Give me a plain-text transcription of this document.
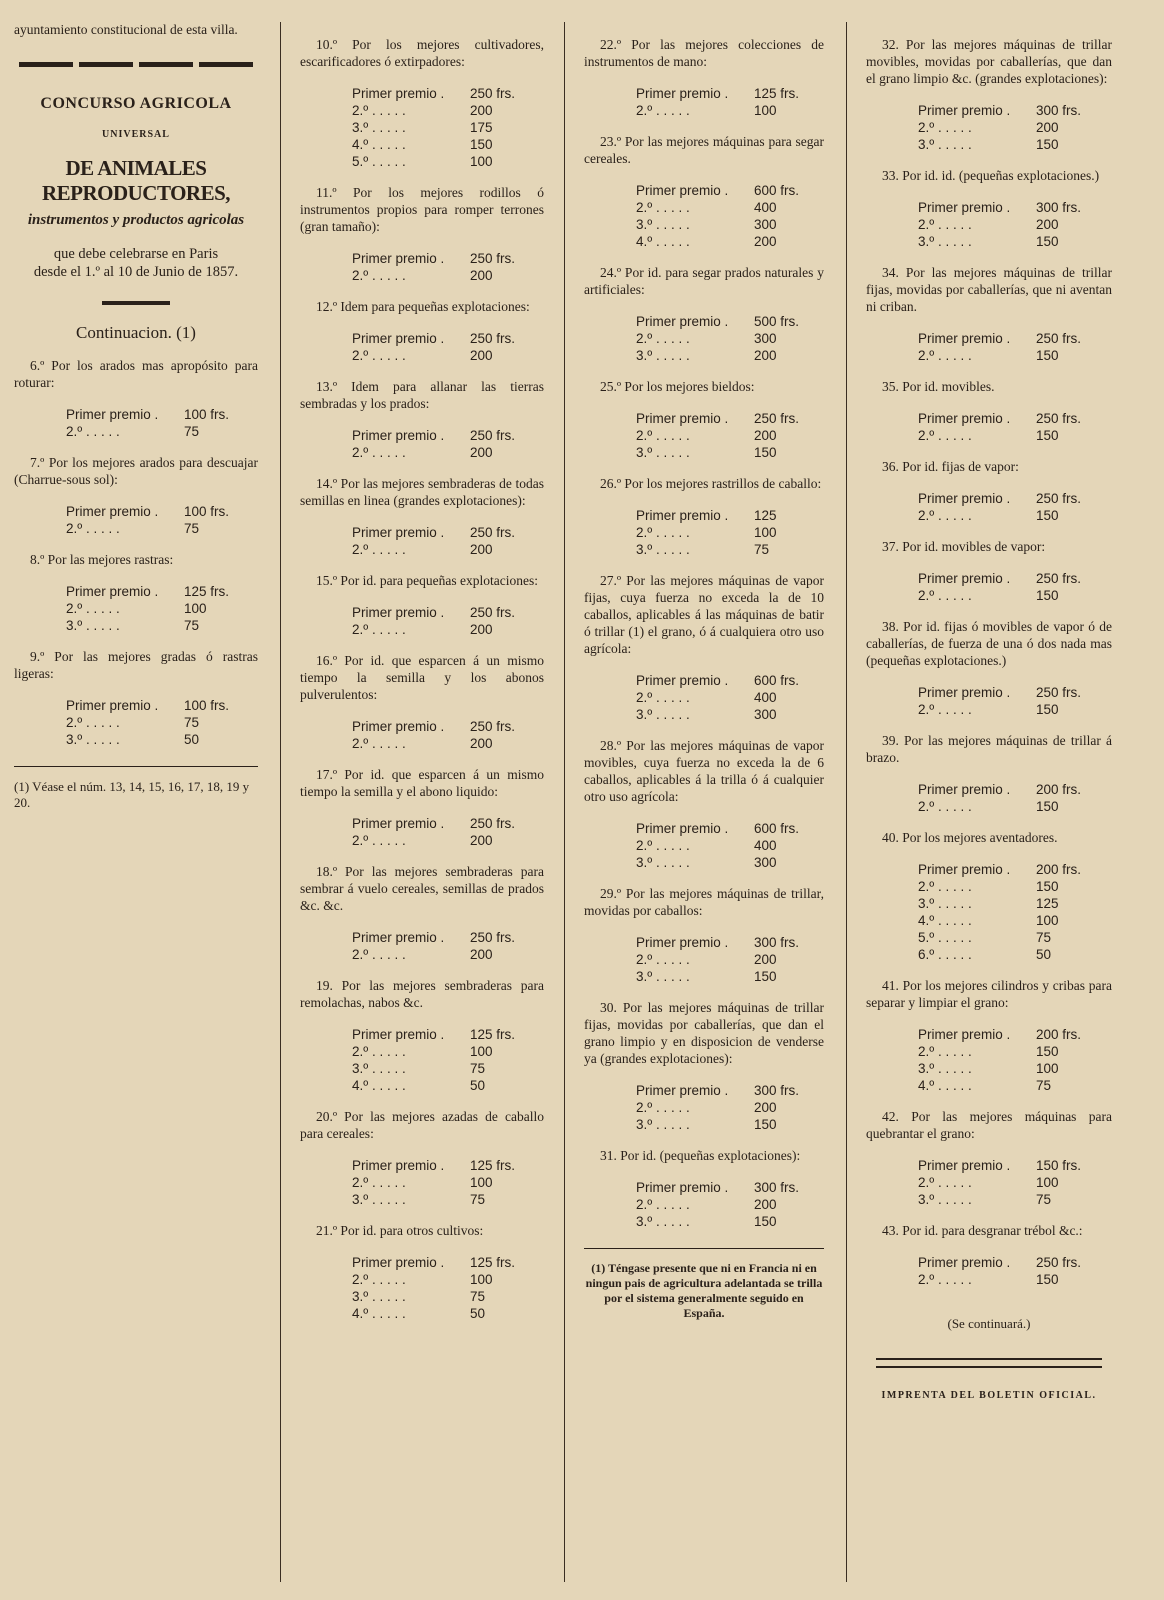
ayuntamiento constitucional de esta villa.

CONCURSO AGRICOLA

UNIVERSAL

DE ANIMALES REPRODUCTORES,

instrumentos y productos agricolas

que debe celebrarse en Paris
desde el 1.º al 10 de Junio de 1857.

Continuacion. (1)

6.º Por los arados mas apropósito para roturar:

Primer premio .	100 frs.
2.º . . . . .	75

7.º Por los mejores arados para descuajar (Charrue-sous sol):

Primer premio .	100 frs.
2.º . . . . .	75

8.º Por las mejores rastras:

Primer premio .	125 frs.
2.º . . . . .	100
3.º . . . . .	75

9.º Por las mejores gradas ó rastras ligeras:

Primer premio .	100 frs.
2.º . . . . .	75
3.º . . . . .	50

(1) Véase el núm. 13, 14, 15, 16, 17, 18, 19 y 20.

10.º Por los mejores cultivadores, escarificadores ó extirpadores:

Primer premio .	250 frs.
2.º . . . . .	200
3.º . . . . .	175
4.º . . . . .	150
5.º . . . . .	100

11.º Por los mejores rodillos ó instrumentos propios para romper terrones (gran tamaño):

Primer premio .	250 frs.
2.º . . . . .	200

12.º Idem para pequeñas explotaciones:

Primer premio .	250 frs.
2.º . . . . .	200

13.º Idem para allanar las tierras sembradas y los prados:

Primer premio .	250 frs.
2.º . . . . .	200

14.º Por las mejores sembraderas de todas semillas en linea (grandes explotaciones):

Primer premio .	250 frs.
2.º . . . . .	200

15.º Por id. para pequeñas explotaciones:

Primer premio .	250 frs.
2.º . . . . .	200

16.º Por id. que esparcen á un mismo tiempo la semilla y los abonos pulverulentos:

Primer premio .	250 frs.
2.º . . . . .	200

17.º Por id. que esparcen á un mismo tiempo la semilla y el abono liquido:

Primer premio .	250 frs.
2.º . . . . .	200

18.º Por las mejores sembraderas para sembrar á vuelo cereales, semillas de prados &c. &c.

Primer premio .	250 frs.
2.º . . . . .	200

19. Por las mejores sembraderas para remolachas, nabos &c.

Primer premio .	125 frs.
2.º . . . . .	100
3.º . . . . .	75
4.º . . . . .	50

20.º Por las mejores azadas de caballo para cereales:

Primer premio .	125 frs.
2.º . . . . .	100
3.º . . . . .	75

21.º Por id. para otros cultivos:

Primer premio .	125 frs.
2.º . . . . .	100
3.º . . . . .	75
4.º . . . . .	50

22.º Por las mejores colecciones de instrumentos de mano:

Primer premio .	125 frs.
2.º . . . . .	100

23.º Por las mejores máquinas para segar cereales.

Primer premio .	600 frs.
2.º . . . . .	400
3.º . . . . .	300
4.º . . . . .	200

24.º Por id. para segar prados naturales y artificiales:

Primer premio .	500 frs.
2.º . . . . .	300
3.º . . . . .	200

25.º Por los mejores bieldos:

Primer premio .	250 frs.
2.º . . . . .	200
3.º . . . . .	150

26.º Por los mejores rastrillos de caballo:

Primer premio .	125
2.º . . . . .	100
3.º . . . . .	75

27.º Por las mejores máquinas de vapor fijas, cuya fuerza no exceda la de 10 caballos, aplicables á las máquinas de batir ó trillar (1) el grano, ó á cualquiera otro uso agrícola:

Primer premio .	600 frs.
2.º . . . . .	400
3.º . . . . .	300

28.º Por las mejores máquinas de vapor movibles, cuya fuerza no exceda la de 6 caballos, aplicables á la trilla ó á cualquier otro uso agrícola:

Primer premio .	600 frs.
2.º . . . . .	400
3.º . . . . .	300

29.º Por las mejores máquinas de trillar, movidas por caballos:

Primer premio .	300 frs.
2.º . . . . .	200
3.º . . . . .	150

30. Por las mejores máquinas de trillar fijas, movidas por caballerías, que dan el grano limpio y en disposicion de venderse ya (grandes explotaciones):

Primer premio .	300 frs.
2.º . . . . .	200
3.º . . . . .	150

31. Por id. (pequeñas explotaciones):

Primer premio .	300 frs.
2.º . . . . .	200
3.º . . . . .	150

(1) Téngase presente que ni en Francia ni en ningun pais de agricultura adelantada se trilla por el sistema generalmente seguido en España.

32. Por las mejores máquinas de trillar movibles, movidas por caballerías, que dan el grano limpio &c. (grandes explotaciones):

Primer premio .	300 frs.
2.º . . . . .	200
3.º . . . . .	150

33. Por id. id. (pequeñas explotaciones.)

Primer premio .	300 frs.
2.º . . . . .	200
3.º . . . . .	150

34. Por las mejores máquinas de trillar fijas, movidas por caballerías, que ni aventan ni criban.

Primer premio .	250 frs.
2.º . . . . .	150

35. Por id. movibles.

Primer premio .	250 frs.
2.º . . . . .	150

36. Por id. fijas de vapor:

Primer premio .	250 frs.
2.º . . . . .	150

37. Por id. movibles de vapor:

Primer premio .	250 frs.
2.º . . . . .	150

38. Por id. fijas ó movibles de vapor ó de caballerías, de fuerza de una ó dos nada mas (pequeñas explotaciones.)

Primer premio .	250 frs.
2.º . . . . .	150

39. Por las mejores máquinas de trillar á brazo.

Primer premio .	200 frs.
2.º . . . . .	150

40. Por los mejores aventadores.

Primer premio .	200 frs.
2.º . . . . .	150
3.º . . . . .	125
4.º . . . . .	100
5.º . . . . .	75
6.º . . . . .	50

41. Por los mejores cilindros y cribas para separar y limpiar el grano:

Primer premio .	200 frs.
2.º . . . . .	150
3.º . . . . .	100
4.º . . . . .	75

42. Por las mejores máquinas para quebrantar el grano:

Primer premio .	150 frs.
2.º . . . . .	100
3.º . . . . .	75

43. Por id. para desgranar trébol &c.:

Primer premio .	250 frs.
2.º . . . . .	150

(Se continuará.)

IMPRENTA DEL BOLETIN OFICIAL.
